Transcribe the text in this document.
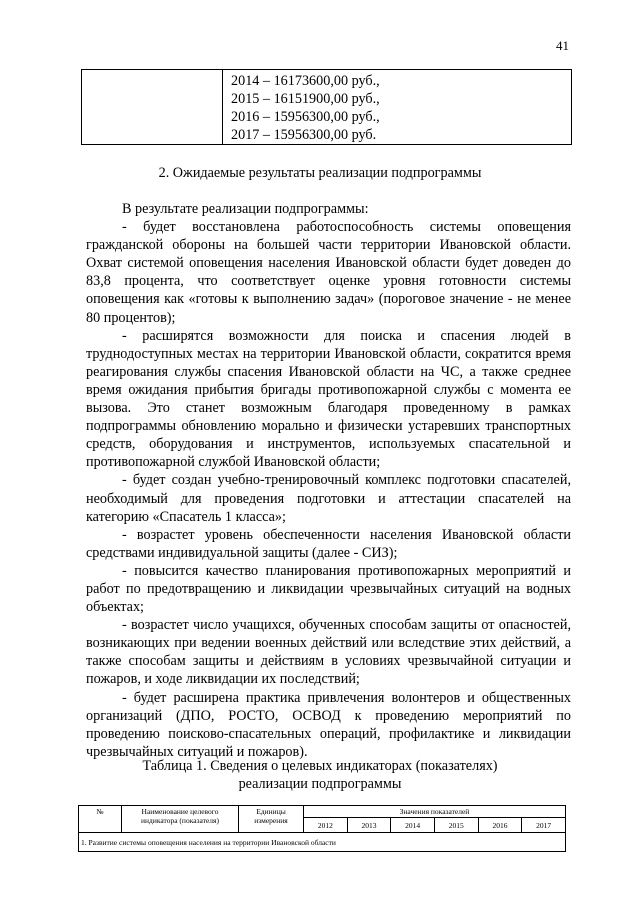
41

2014 – 16173600,00 руб.,
2015 – 16151900,00 руб.,
2016 – 15956300,00 руб.,
2017 – 15956300,00 руб.
2. Ожидаемые результаты реализации подпрограммы

В результате реализации подпрограммы:

- будет восстановлена работоспособность системы оповещения гражданской обороны на большей части территории Ивановской области. Охват системой оповещения населения Ивановской области будет доведен до 83,8 процента, что соответствует оценке уровня готовности системы оповещения как «готовы к выполнению задач» (пороговое значение - не менее 80 процентов);

- расширятся возможности для поиска и спасения людей в труднодоступных местах на территории Ивановской области, сократится время реагирования службы спасения Ивановской области на ЧС, а также среднее время ожидания прибытия бригады противопожарной службы с момента ее вызова. Это станет возможным благодаря проведенному в рамках подпрограммы обновлению морально и физически устаревших транспортных средств, оборудования и инструментов, используемых спасательной и противопожарной службой Ивановской области;

- будет создан учебно-тренировочный комплекс подготовки спасателей, необходимый для проведения подготовки и аттестации спасателей на категорию «Спасатель 1 класса»;

- возрастет уровень обеспеченности населения Ивановской области средствами индивидуальной защиты (далее - СИЗ);

- повысится качество планирования противопожарных мероприятий и работ по предотвращению и ликвидации чрезвычайных ситуаций на водных объектах;

- возрастет число учащихся, обученных способам защиты от опасностей, возникающих при ведении военных действий или вследствие этих действий, а также способам защиты и действиям в условиях чрезвычайной ситуации и пожаров, и ходе ликвидации их последствий;

- будет расширена практика привлечения волонтеров и общественных организаций (ДПО, РОСТО, ОСВОД к проведению мероприятий по проведению поисково-спасательных операций, профилактике и ликвидации чрезвычайных ситуаций и пожаров).

Таблица 1. Сведения о целевых индикаторах (показателях)
реализации подпрограммы
№	Наименование целевого индикатора (показателя)	Единицы измерения	Значения показателей					
			2012	2013	2014	2015	2016	2017
1. Развитие системы оповещения населения на территории Ивановской области								
